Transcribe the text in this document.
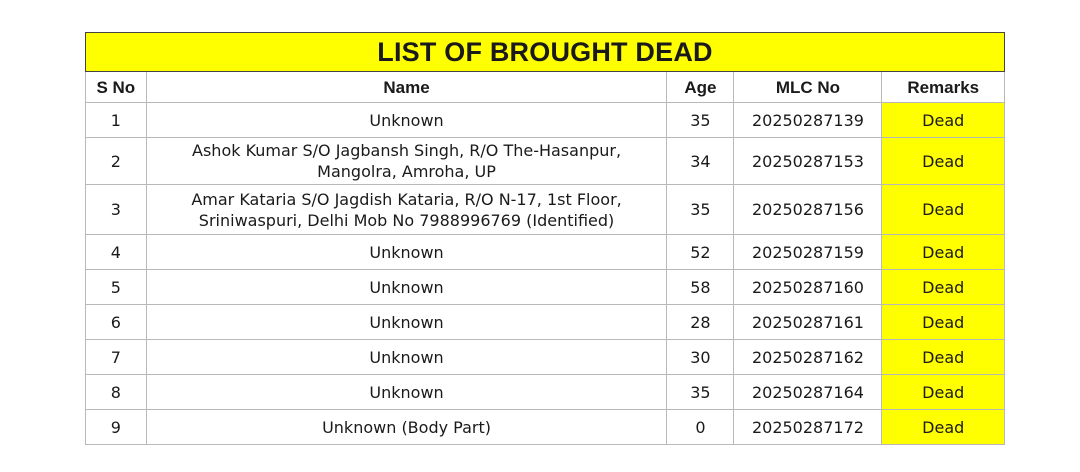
LIST OF BROUGHT DEAD				
S No	Name	Age	MLC No	Remarks
1	Unknown	35	20250287139	Dead
2	Ashok Kumar S/O Jagbansh Singh, R/O The-Hasanpur, Mangolra, Amroha, UP	34	20250287153	Dead
3	Amar Kataria S/O Jagdish Kataria, R/O N-17, 1st Floor, Sriniwaspuri, Delhi Mob No 7988996769 (Identified)	35	20250287156	Dead
4	Unknown	52	20250287159	Dead
5	Unknown	58	20250287160	Dead
6	Unknown	28	20250287161	Dead
7	Unknown	30	20250287162	Dead
8	Unknown	35	20250287164	Dead
9	Unknown (Body Part)	0	20250287172	Dead
